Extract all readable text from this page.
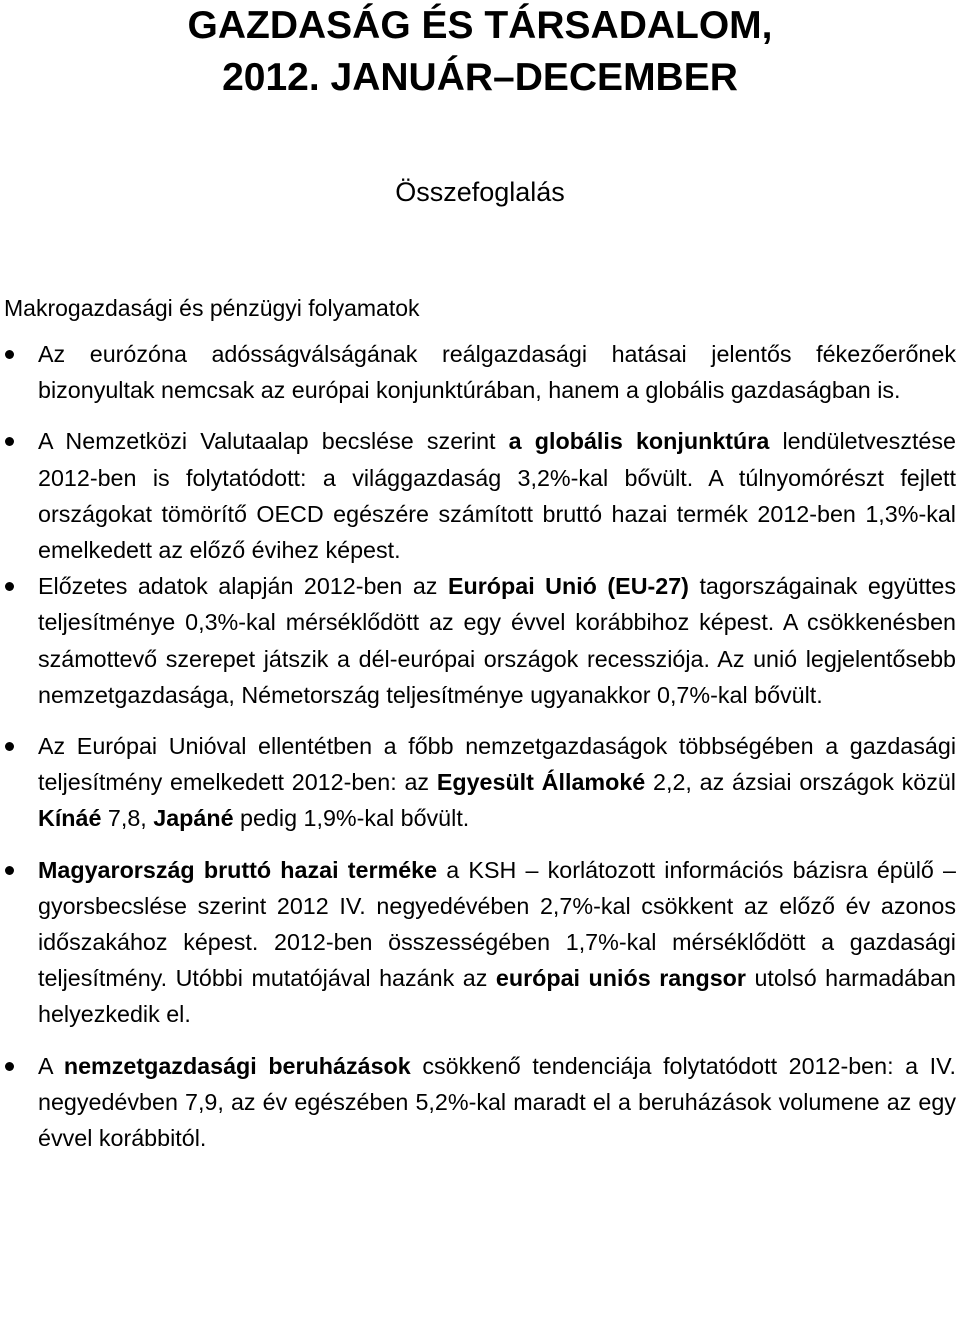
GAZDASÁG ÉS TÁRSADALOM,
2012. JANUÁR–DECEMBER
Összefoglalás
Makrogazdasági és pénzügyi folyamatok
Az eurózóna adósságválságának reálgazdasági hatásai jelentős fékezőerőnek bizonyultak nemcsak az európai konjunktúrában, hanem a globális gazdaságban is.
A Nemzetközi Valutaalap becslése szerint a globális konjunktúra lendületvesztése 2012-ben is folytatódott: a világgazdaság 3,2%-kal bővült. A túlnyomórészt fejlett országokat tömörítő OECD egészére számított bruttó hazai termék 2012-ben 1,3%-kal emelkedett az előző évihez képest.
Előzetes adatok alapján 2012-ben az Európai Unió (EU-27) tagországainak együttes teljesítménye 0,3%-kal mérséklődött az egy évvel korábbihoz képest. A csökkenésben számottevő szerepet játszik a dél-európai országok recessziója. Az unió legjelentősebb nemzetgazdasága, Németország teljesítménye ugyanakkor 0,7%-kal bővült.
Az Európai Unióval ellentétben a főbb nemzetgazdaságok többségében a gazdasági teljesítmény emelkedett 2012-ben: az Egyesült Államoké 2,2, az ázsiai országok közül Kínáé 7,8, Japáné pedig 1,9%-kal bővült.
Magyarország bruttó hazai terméke a KSH – korlátozott információs bázisra épülő – gyorsbecslése szerint 2012 IV. negyedévében 2,7%-kal csökkent az előző év azonos időszakához képest. 2012-ben összességében 1,7%-kal mérséklődött a gazdasági teljesítmény. Utóbbi mutatójával hazánk az európai uniós rangsor utolsó harmadában helyezkedik el.
A nemzetgazdasági beruházások csökkenő tendenciája folytatódott 2012-ben: a IV. negyedévben 7,9, az év egészében 5,2%-kal maradt el a beruházások volumene az egy évvel korábbitól.
